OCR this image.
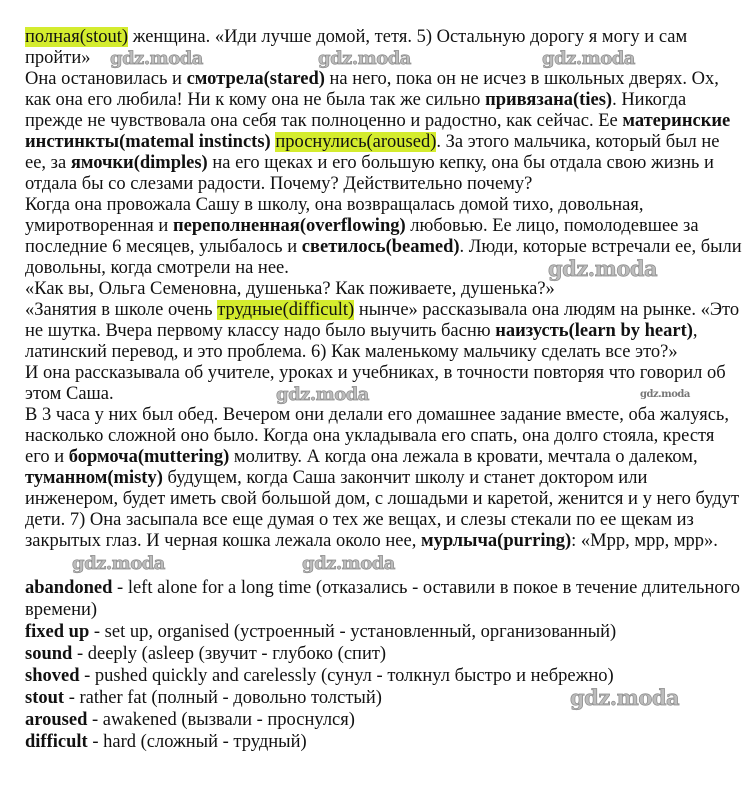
полная(stout) женщина. «Иди лучше домой, тетя. 5) Остальную дорогу я могу и сам
пройти»
Она остановилась и смотрела(stared) на него, пока он не исчез в школьных дверях. Ох,
как она его любила! Ни к кому она не была так же сильно привязана(ties). Никогда
прежде не чувствовала она себя так полноценно и радостно, как сейчас. Ее материнские
инстинкты(matemal instincts) проснулись(aroused). За этого мальчика, который был не
ее, за ямочки(dimples) на его щеках и его большую кепку, она бы отдала свою жизнь и
отдала бы со слезами радости. Почему? Действительно почему?
Когда она провожала Сашу в школу, она возвращалась домой тихо, довольная,
умиротворенная и переполненная(overflowing) любовью. Ее лицо, помолодевшее за
последние 6 месяцев, улыбалось и светилось(beamed). Люди, которые встречали ее, были
довольны, когда смотрели на нее.
«Как вы, Ольга Семеновна, душенька? Как поживаете, душенька?»
«Занятия в школе очень трудные(difficult) нынче» рассказывала она людям на рынке. «Это
не шутка. Вчера первому классу надо было выучить басню наизусть(learn by heart),
латинский перевод, и это проблема. 6) Как маленькому мальчику сделать все это?»
И она рассказывала об учителе, уроках и учебниках, в точности повторяя что говорил об
этом Саша.
В 3 часа у них был обед. Вечером они делали его домашнее задание вместе, оба жалуясь,
насколько сложной оно было. Когда она укладывала его спать, она долго стояла, крестя
его и бормоча(muttering) молитву. А когда она лежала в кровати, мечтала о далеком,
туманном(misty) будущем, когда Саша закончит школу и станет доктором или
инженером, будет иметь свой большой дом, с лошадьми и каретой, женится и у него будут
дети. 7) Она засыпала все еще думая о тех же вещах, и слезы стекали по ее щекам из
закрытых глаз. И черная кошка лежала около нее, мурлыча(purring): «Мрр, мрр, мрр».
abandoned - left alone for a long time (отказались - оставили в покое в течение длительного
времени)
fixed up - set up, organised (устроенный - установленный, организованный)
sound - deeply (asleep (звучит - глубоко (спит)
shoved - pushed quickly and carelessly (сунул - толкнул быстро и небрежно)
stout - rather fat (полный - довольно толстый)
aroused - awakened (вызвали - проснулся)
difficult - hard (сложный - трудный)
gdz.moda	gdz.moda	gdz.moda
gdz.moda
gdz.moda	gdz.moda
gdz.moda	gdz.moda
gdz.moda
